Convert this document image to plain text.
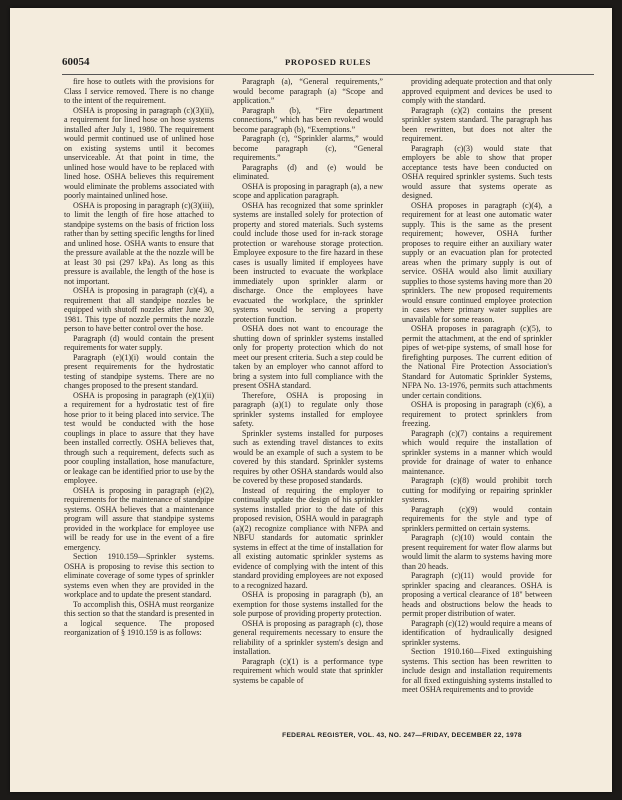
60054	PROPOSED RULES

fire hose to outlets with the provisions for Class I service removed. There is no change to the intent of the requirement.

OSHA is proposing in paragraph (c)(3)(ii), a requirement for lined hose on hose systems installed after July 1, 1980. The requirement would permit continued use of unlined hose on existing systems until it becomes unserviceable. At that point in time, the unlined hose would have to be replaced with lined hose. OSHA believes this requirement would eliminate the problems associated with poorly maintained unlined hose.

OSHA is proposing in paragraph (c)(3)(iii), to limit the length of fire hose attached to standpipe systems on the basis of friction loss rather than by setting specific lengths for lined and unlined hose. OSHA wants to ensure that the pressure available at the the nozzle will be at least 30 psi (297 kPa). As long as this pressure is available, the length of the hose is not important.

OSHA is proposing in paragraph (c)(4), a requirement that all standpipe nozzles be equipped with shutoff nozzles after June 30, 1981. This type of nozzle permits the nozzle person to have better control over the hose.

Paragraph (d) would contain the present requirements for water supply.

Paragraph (e)(1)(i) would contain the present requirements for the hydrostatic testing of standpipe systems. There are no changes proposed to the present standard.

OSHA is proposing in paragraph (e)(1)(ii) a requirement for a hydrostatic test of fire hose prior to it being placed into service. The test would be conducted with the hose couplings in place to assure that they have been installed correctly. OSHA believes that, through such a requirement, defects such as poor coupling installation, hose manufacture, or leakage can be identified prior to use by the employee.

OSHA is proposing in paragraph (e)(2), requirements for the maintenance of standpipe systems. OSHA believes that a maintenance program will assure that standpipe systems provided in the workplace for employee use will be ready for use in the event of a fire emergency.

Section 1910.159—Sprinkler systems. OSHA is proposing to revise this section to eliminate coverage of some types of sprinkler systems even when they are provided in the workplace and to update the present standard.

To accomplish this, OSHA must reorganize this section so that the standard is presented in a logical sequence. The proposed reorganization of § 1910.159 is as follows:

Paragraph (a), “General requirements,” would become paragraph (a) “Scope and application.”

Paragraph (b), “Fire department connections,” which has been revoked would become paragraph (b), “Exemptions.”

Paragraph (c), “Sprinkler alarms,” would become paragraph (c), “General requirements.”

Paragraphs (d) and (e) would be eliminated.

OSHA is proposing in paragraph (a), a new scope and application paragraph.

OSHA has recognized that some sprinkler systems are installed solely for protection of property and stored materials. Such systems could include those used for in-rack storage protection or warehouse storage protection. Employee exposure to the fire hazard in these cases is usually limited if employees have been instructed to evacuate the workplace immediately upon sprinkler alarm or discharge. Once the employees have evacuated the workplace, the sprinkler systems would be serving a property protection function.

OSHA does not want to encourage the shutting down of sprinkler systems installed only for property protection which do not meet our present criteria. Such a step could be taken by an employer who cannot afford to bring a system into full compliance with the present OSHA standard.

Therefore, OSHA is proposing in paragraph (a)(1) to regulate only those sprinkler systems installed for employee safety.

Sprinkler systems installed for purposes such as extending travel distances to exits would be an example of such a system to be covered by this standard. Sprinkler systems requires by other OSHA standards would also be covered by these proposed standards.

Instead of requiring the employer to continually update the design of his sprinkler systems installed prior to the date of this proposed revision, OSHA would in paragraph (a)(2) recognize compliance with NFPA and NBFU standards for automatic sprinkler systems in effect at the time of installation for all existing automatic sprinkler systems as evidence of complying with the intent of this standard providing employees are not exposed to a recognized hazard.

OSHA is proposing in paragraph (b), an exemption for those systems installed for the sole purpose of providing property protection.

OSHA is proposing as paragraph (c), those general requirements necessary to ensure the reliability of a sprinkler system's design and installation.

Paragraph (c)(1) is a performance type requirement which would state that sprinkler systems be capable of

providing adequate protection and that only approved equipment and devices be used to comply with the standard.

Paragraph (c)(2) contains the present sprinkler system standard. The paragraph has been rewritten, but does not alter the requirement.

Paragraph (c)(3) would state that employers be able to show that proper acceptance tests have been conducted on OSHA required sprinkler systems. Such tests would assure that systems operate as designed.

OSHA proposes in paragraph (c)(4), a requirement for at least one automatic water supply. This is the same as the present requirement; however, OSHA further proposes to require either an auxiliary water supply or an evacuation plan for protected areas when the primary supply is out of service. OSHA would also limit auxiliary supplies to those systems having more than 20 sprinklers. The new proposed requirements would ensure continued employee protection in cases where primary water supplies are unavailable for some reason.

OSHA proposes in paragraph (c)(5), to permit the attachment, at the end of sprinkler pipes of wet-pipe systems, of small hose for firefighting purposes. The current edition of the National Fire Protection Association's Standard for Automatic Sprinkler Systems, NFPA No. 13-1976, permits such attachments under certain conditions.

OSHA is proposing in paragraph (c)(6), a requirement to protect sprinklers from freezing.

Paragraph (c)(7) contains a requirement which would require the installation of sprinkler systems in a manner which would provide for drainage of water to enhance maintenance.

Paragraph (c)(8) would prohibit torch cutting for modifying or repairing sprinkler systems.

Paragraph (c)(9) would contain requirements for the style and type of sprinklers permitted on certain systems.

Paragraph (c)(10) would contain the present requirement for water flow alarms but would limit the alarm to systems having more than 20 heads.

Paragraph (c)(11) would provide for sprinkler spacing and clearances. OSHA is proposing a vertical clearance of 18" between heads and obstructions below the heads to permit proper distribution of water.

Paragraph (c)(12) would require a means of identification of hydraulically designed sprinkler systems.

Section 1910.160—Fixed extinguishing systems. This section has been rewritten to include design and installation requirements for all fixed extinguishing systems installed to meet OSHA requirements and to provide

FEDERAL REGISTER, VOL. 43, NO. 247—FRIDAY, DECEMBER 22, 1978
